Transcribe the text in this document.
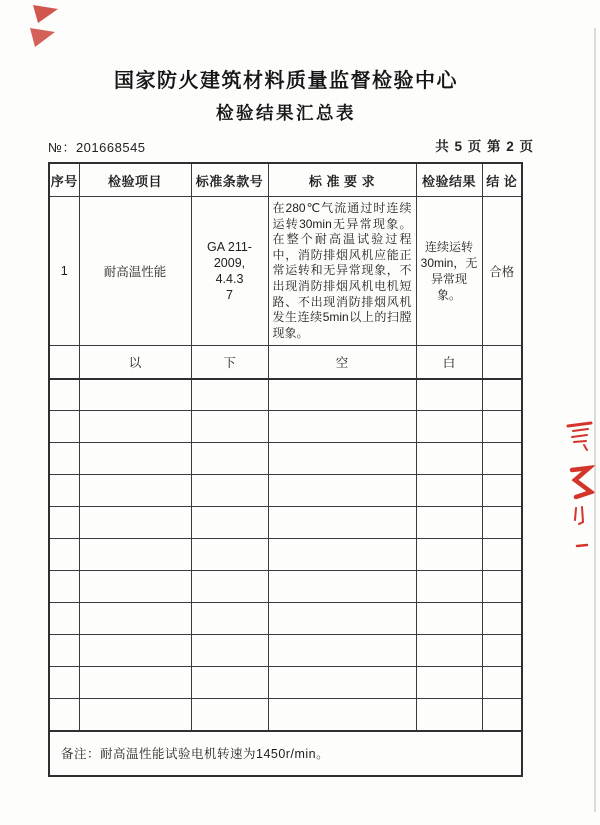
国家防火建筑材料质量监督检验中心
检验结果汇总表
№：201668545	共 5 页 第 2 页
序号	检验项目	标准条款号	标 准 要 求	检验结果	结 论
1	耐高温性能	GA 211-
2009,
4.4.3
7	在280℃气流通过时连续运转30min无异常现象。在整个耐高温试验过程中，消防排烟风机应能正常运转和无异常现象，不出现消防排烟风机电机短路、不出现消防排烟风机发生连续5min以上的扫膛现象。	连续运转30min，无异常现象。	合格
	以	下	空	白	

备注：耐高温性能试验电机转速为1450r/min。					
